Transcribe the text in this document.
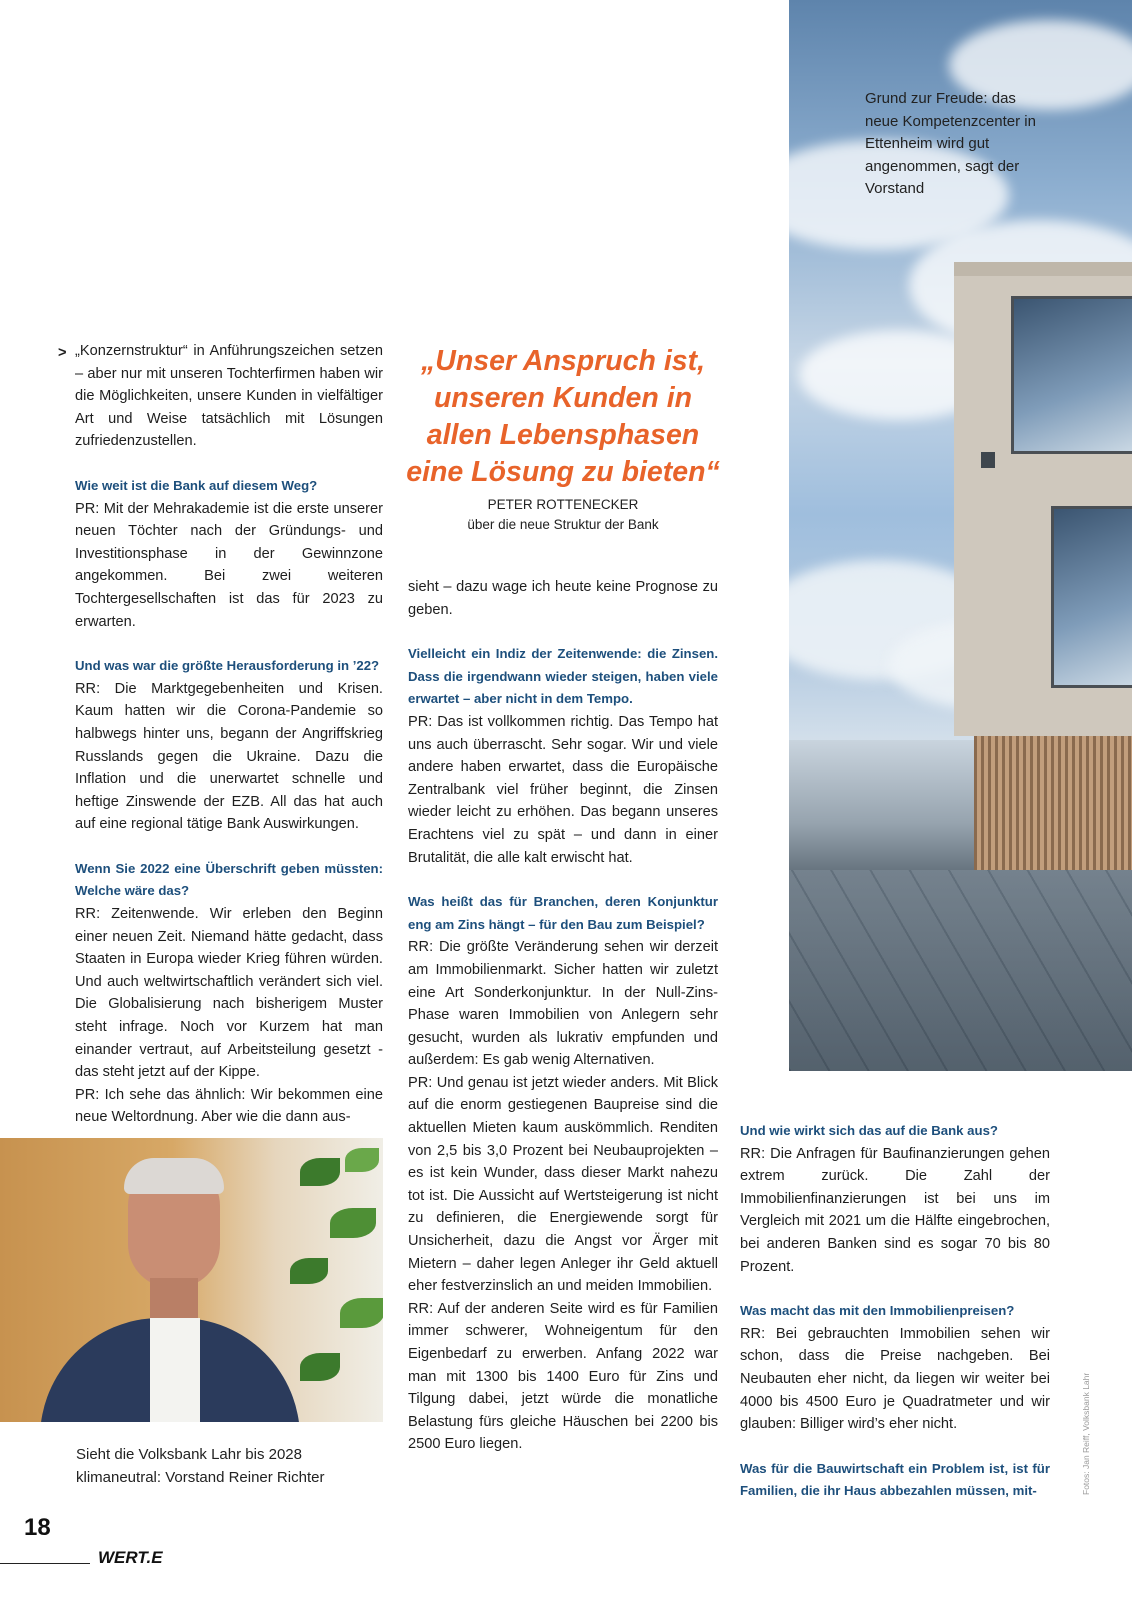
Grund zur Freude: das neue Kompetenzcenter in Ettenheim wird gut angenommen, sagt der Vorstand
> „Konzernstruktur“ in Anführungszeichen setzen – aber nur mit unseren Tochterfirmen haben wir die Möglichkeiten, unsere Kunden in vielfältiger Art und Weise tatsächlich mit Lösungen zufriedenzustellen.

Wie weit ist die Bank auf diesem Weg?

PR: Mit der Mehrakademie ist die erste unserer neuen Töchter nach der Gründungs- und Investitionsphase in der Gewinnzone angekommen. Bei zwei weiteren Tochtergesellschaften ist das für 2023 zu erwarten.

Und was war die größte Herausforderung in ’22?

RR: Die Marktgegebenheiten und Krisen. Kaum hatten wir die Corona-Pandemie so halbwegs hinter uns, begann der Angriffskrieg Russlands gegen die Ukraine. Dazu die Inflation und die unerwartet schnelle und heftige Zinswende der EZB. All das hat auch auf eine regional tätige Bank Auswirkungen.

Wenn Sie 2022 eine Überschrift geben müssten: Welche wäre das?

RR: Zeitenwende. Wir erleben den Beginn einer neuen Zeit. Niemand hätte gedacht, dass Staaten in Europa wieder Krieg führen würden. Und auch weltwirtschaftlich verändert sich viel. Die Globalisierung nach bisherigem Muster steht infrage. Noch vor Kurzem hat man einander vertraut, auf Arbeitsteilung gesetzt - das steht jetzt auf der Kippe.

PR: Ich sehe das ähnlich: Wir bekommen eine neue Weltordnung. Aber wie die dann aus-

Sieht die Volksbank Lahr bis 2028 klimaneutral: Vorstand Reiner Richter

„Unser Anspruch ist, unseren Kunden in allen Lebensphasen eine Lösung zu bieten“

PETER ROTTENECKER
über die neue Struktur der Bank

sieht – dazu wage ich heute keine Prognose zu geben.

Vielleicht ein Indiz der Zeitenwende: die Zinsen. Dass die irgendwann wieder steigen, haben viele erwartet – aber nicht in dem Tempo.

PR: Das ist vollkommen richtig. Das Tempo hat uns auch überrascht. Sehr sogar. Wir und viele andere haben erwartet, dass die Europäische Zentralbank viel früher beginnt, die Zinsen wieder leicht zu erhöhen. Das begann unseres Erachtens viel zu spät – und dann in einer Brutalität, die alle kalt erwischt hat.

Was heißt das für Branchen, deren Konjunktur eng am Zins hängt – für den Bau zum Beispiel?

RR: Die größte Veränderung sehen wir derzeit am Immobilienmarkt. Sicher hatten wir zuletzt eine Art Sonderkonjunktur. In der Null-Zins-Phase waren Immobilien von Anlegern sehr gesucht, wurden als lukrativ empfunden und außerdem: Es gab wenig Alternativen.

PR: Und genau ist jetzt wieder anders. Mit Blick auf die enorm gestiegenen Baupreise sind die aktuellen Mieten kaum auskömmlich. Renditen von 2,5 bis 3,0 Prozent bei Neubauprojekten – es ist kein Wunder, dass dieser Markt nahezu tot ist. Die Aussicht auf Wertsteigerung ist nicht zu definieren, die Energiewende sorgt für Unsicherheit, dazu die Angst vor Ärger mit Mietern – daher legen Anleger ihr Geld aktuell eher festverzinslich an und meiden Immobilien.

RR: Auf der anderen Seite wird es für Familien immer schwerer, Wohneigentum für den Eigenbedarf zu erwerben. Anfang 2022 war man mit 1300 bis 1400 Euro für Zins und Tilgung dabei, jetzt würde die monatliche Belastung fürs gleiche Häuschen bei 2200 bis 2500 Euro liegen.

Und wie wirkt sich das auf die Bank aus?

RR: Die Anfragen für Baufinanzierungen gehen extrem zurück. Die Zahl der Immobilienfinanzierungen ist bei uns im Vergleich mit 2021 um die Hälfte eingebrochen, bei anderen Banken sind es sogar 70 bis 80 Prozent.

Was macht das mit den Immobilienpreisen?

RR: Bei gebrauchten Immobilien sehen wir schon, dass die Preise nachgeben. Bei Neubauten eher nicht, da liegen wir weiter bei 4000 bis 4500 Euro je Quadratmeter und wir glauben: Billiger wird’s eher nicht.

Was für die Bauwirtschaft ein Problem ist, ist für Familien, die ihr Haus abbezahlen müssen, mit-	Fotos: Jan Reiff, Volksbank Lahr
18
WERT.E
